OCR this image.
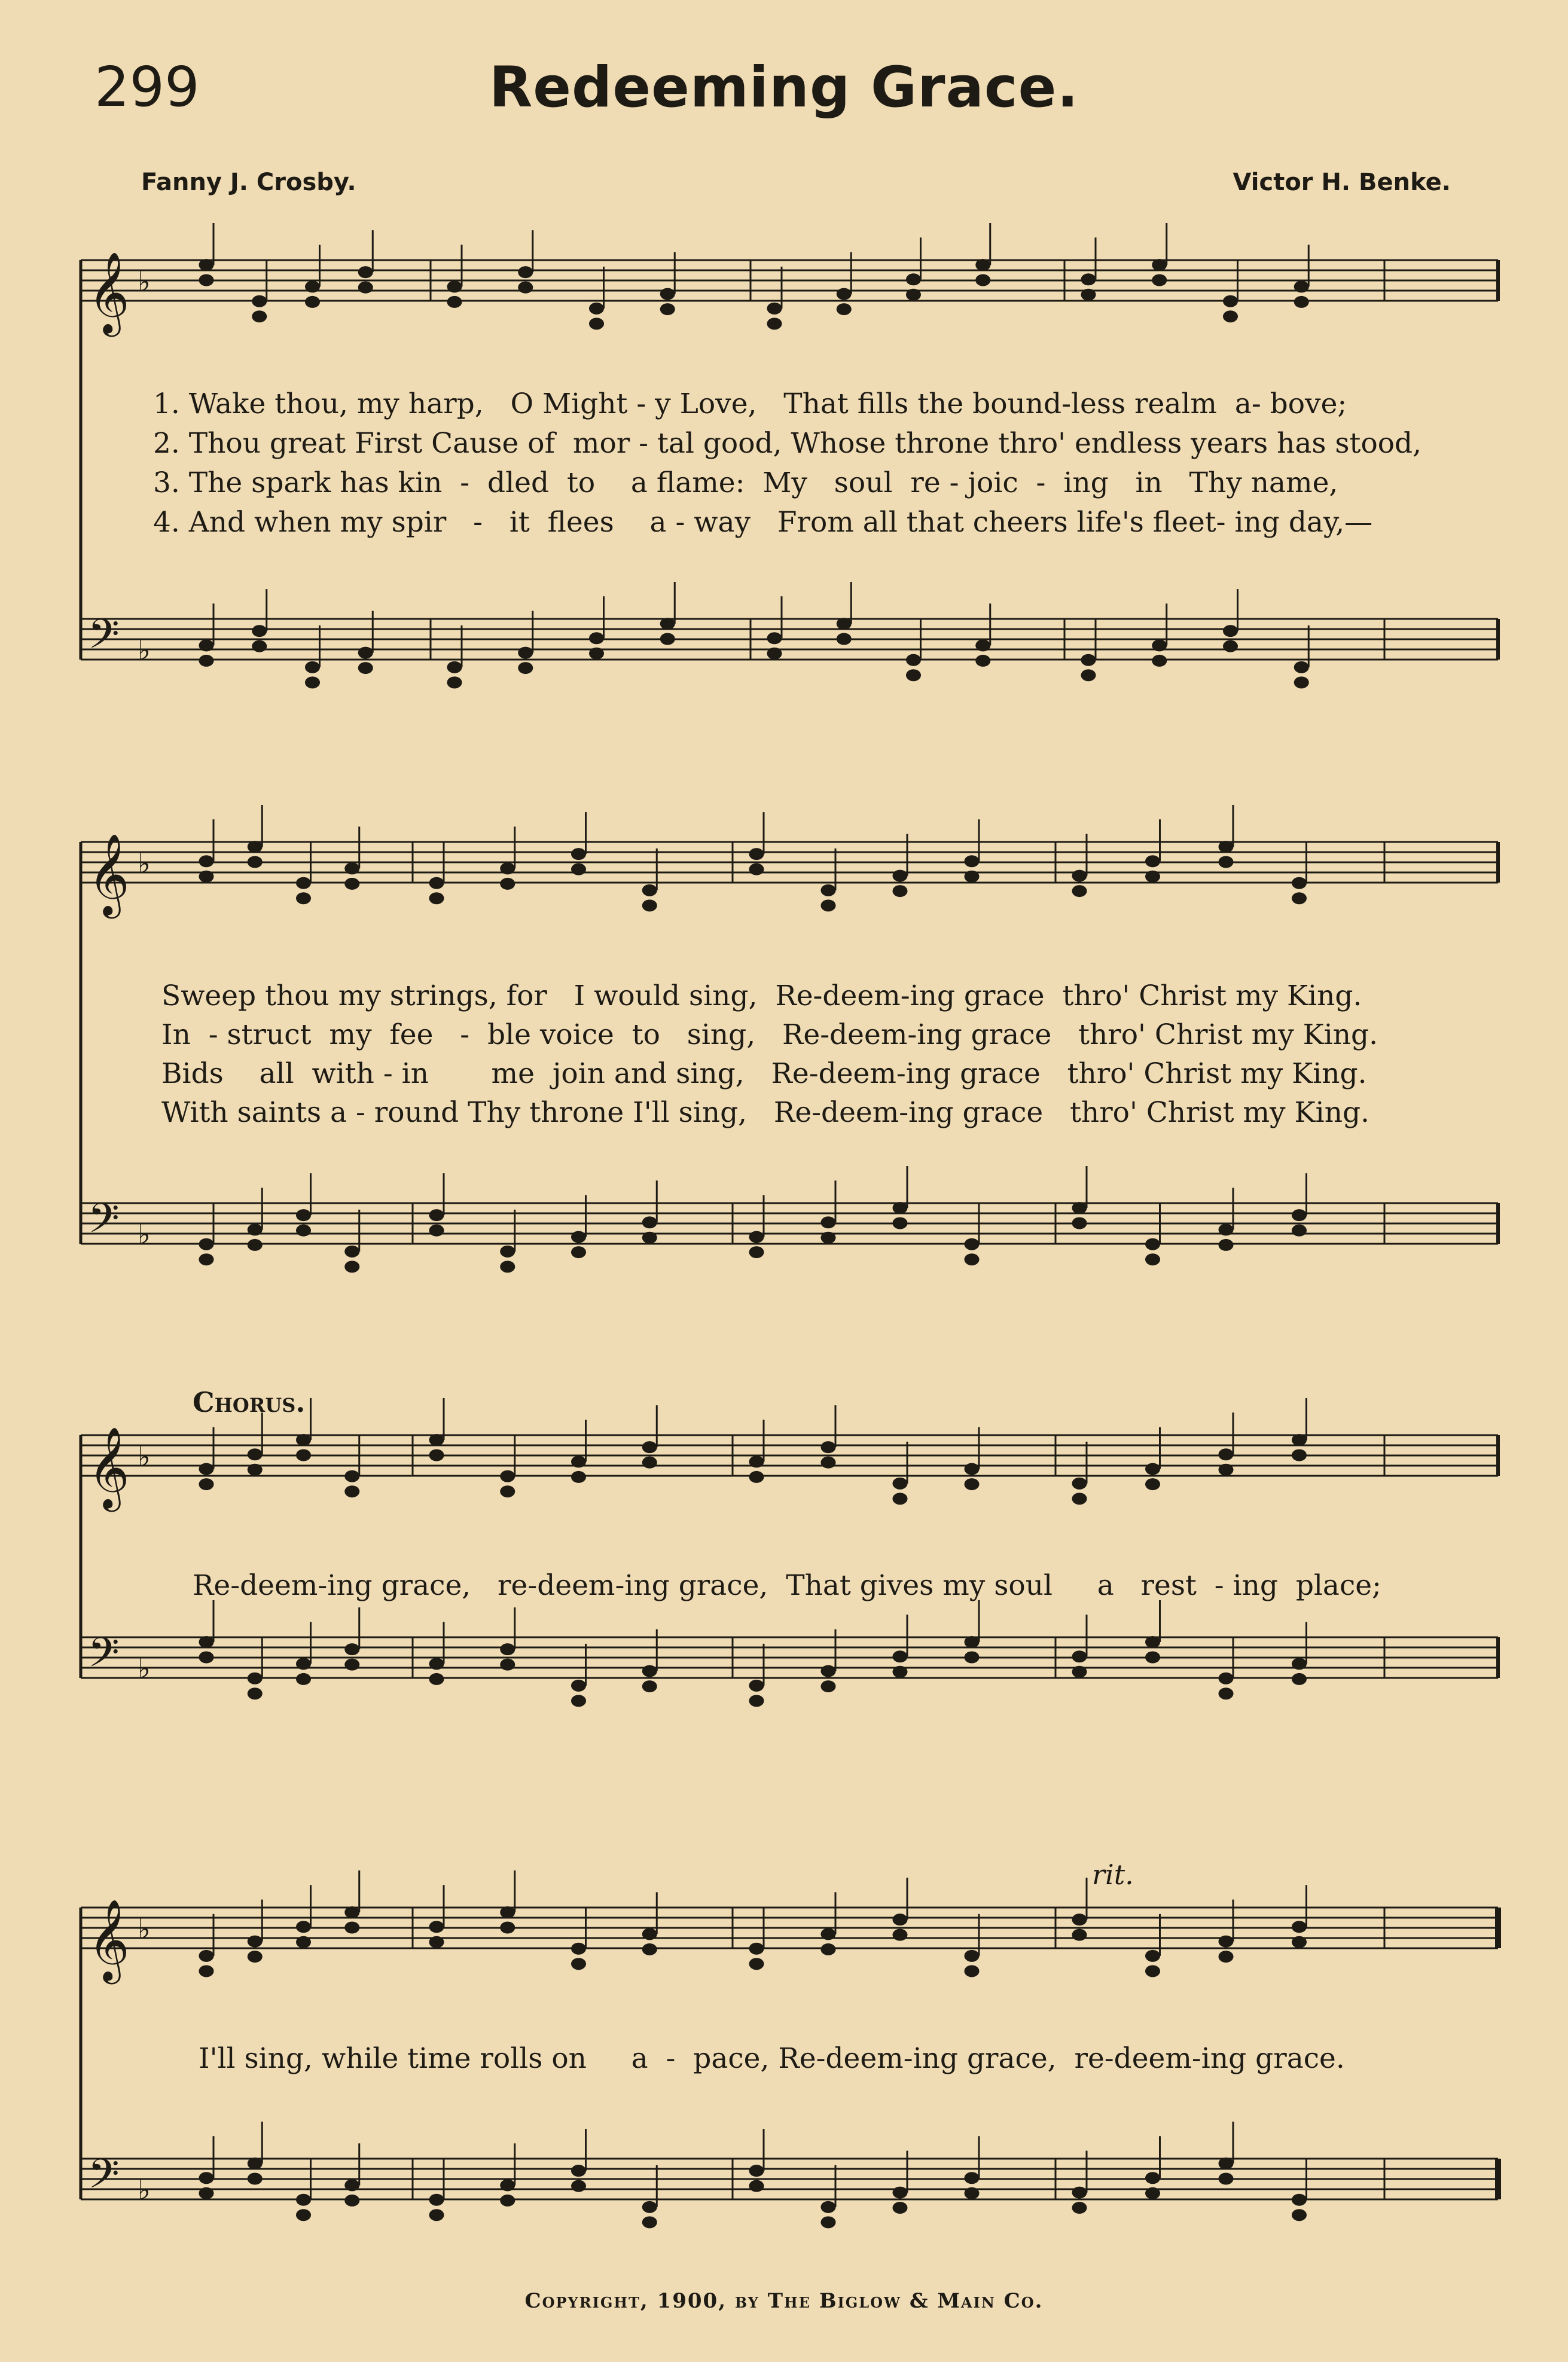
299	Redeeming Grace.
Fanny J. Crosby.	Victor H. Benke.
𝄞 ♭
𝄢 ♭
𝄞 ♭
𝄢 ♭
𝄞 ♭
𝄢 ♭
𝄞 ♭
𝄢 ♭
1. Wake thou, my harp,   O Might - y Love,   That fills the bound-less realm  a- bove;
2. Thou great First Cause of  mor - tal good, Whose throne thro' endless years has stood,
3. The spark has kin  -  dled  to    a flame:  My   soul  re - joic  -  ing   in   Thy name,
4. And when my spir   -   it  flees    a - way   From all that cheers life's fleet- ing day,—
Sweep thou my strings, for   I would sing,  Re-deem-ing grace  thro' Christ my King.
In  - struct  my  fee   -  ble voice  to   sing,   Re-deem-ing grace   thro' Christ my King.
Bids    all  with - in       me  join and sing,   Re-deem-ing grace   thro' Christ my King.
With saints a - round Thy throne I'll sing,   Re-deem-ing grace   thro' Christ my King.
Chorus.
Re-deem-ing grace,   re-deem-ing grace,  That gives my soul     a   rest  - ing  place;
rit.
I'll sing, while time rolls on     a  -  pace, Re-deem-ing grace,  re-deem-ing grace.
Copyright, 1900, by The Biglow & Main Co.
